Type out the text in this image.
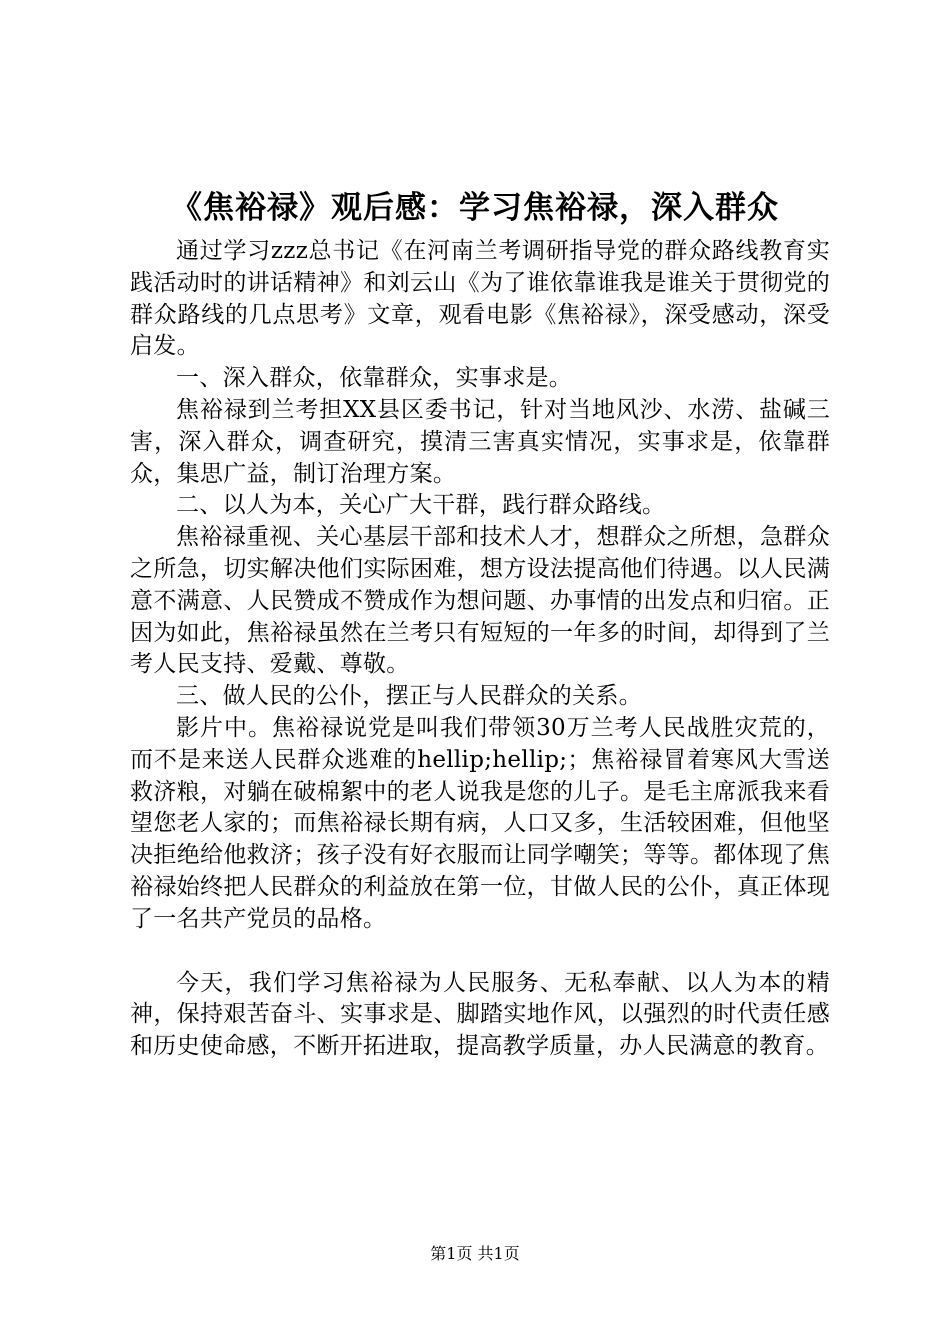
《焦裕禄》观后感：学习焦裕禄，深入群众

通过学习zzz总书记《在河南兰考调研指导党的群众路线教育实践活动时的讲话精神》和刘云山《为了谁依靠谁我是谁关于贯彻党的群众路线的几点思考》文章，观看电影《焦裕禄》，深受感动，深受启发。

一、深入群众，依靠群众，实事求是。

焦裕禄到兰考担XX县区委书记，针对当地风沙、水涝、盐碱三害，深入群众，调查研究，摸清三害真实情况，实事求是，依靠群众，集思广益，制订治理方案。

二、以人为本，关心广大干群，践行群众路线。

焦裕禄重视、关心基层干部和技术人才，想群众之所想，急群众之所急，切实解决他们实际困难，想方设法提高他们待遇。以人民满意不满意、人民赞成不赞成作为想问题、办事情的出发点和归宿。正因为如此，焦裕禄虽然在兰考只有短短的一年多的时间，却得到了兰考人民支持、爱戴、尊敬。

三、做人民的公仆，摆正与人民群众的关系。

影片中。焦裕禄说党是叫我们带领30万兰考人民战胜灾荒的，而不是来送人民群众逃难的hellip;hellip;；焦裕禄冒着寒风大雪送救济粮，对躺在破棉絮中的老人说我是您的儿子。是毛主席派我来看望您老人家的；而焦裕禄长期有病，人口又多，生活较困难，但他坚决拒绝给他救济；孩子没有好衣服而让同学嘲笑；等等。都体现了焦裕禄始终把人民群众的利益放在第一位，甘做人民的公仆，真正体现了一名共产党员的品格。

今天，我们学习焦裕禄为人民服务、无私奉献、以人为本的精神，保持艰苦奋斗、实事求是、脚踏实地作风，以强烈的时代责任感和历史使命感，不断开拓进取，提高教学质量，办人民满意的教育。

第1页 共1页
